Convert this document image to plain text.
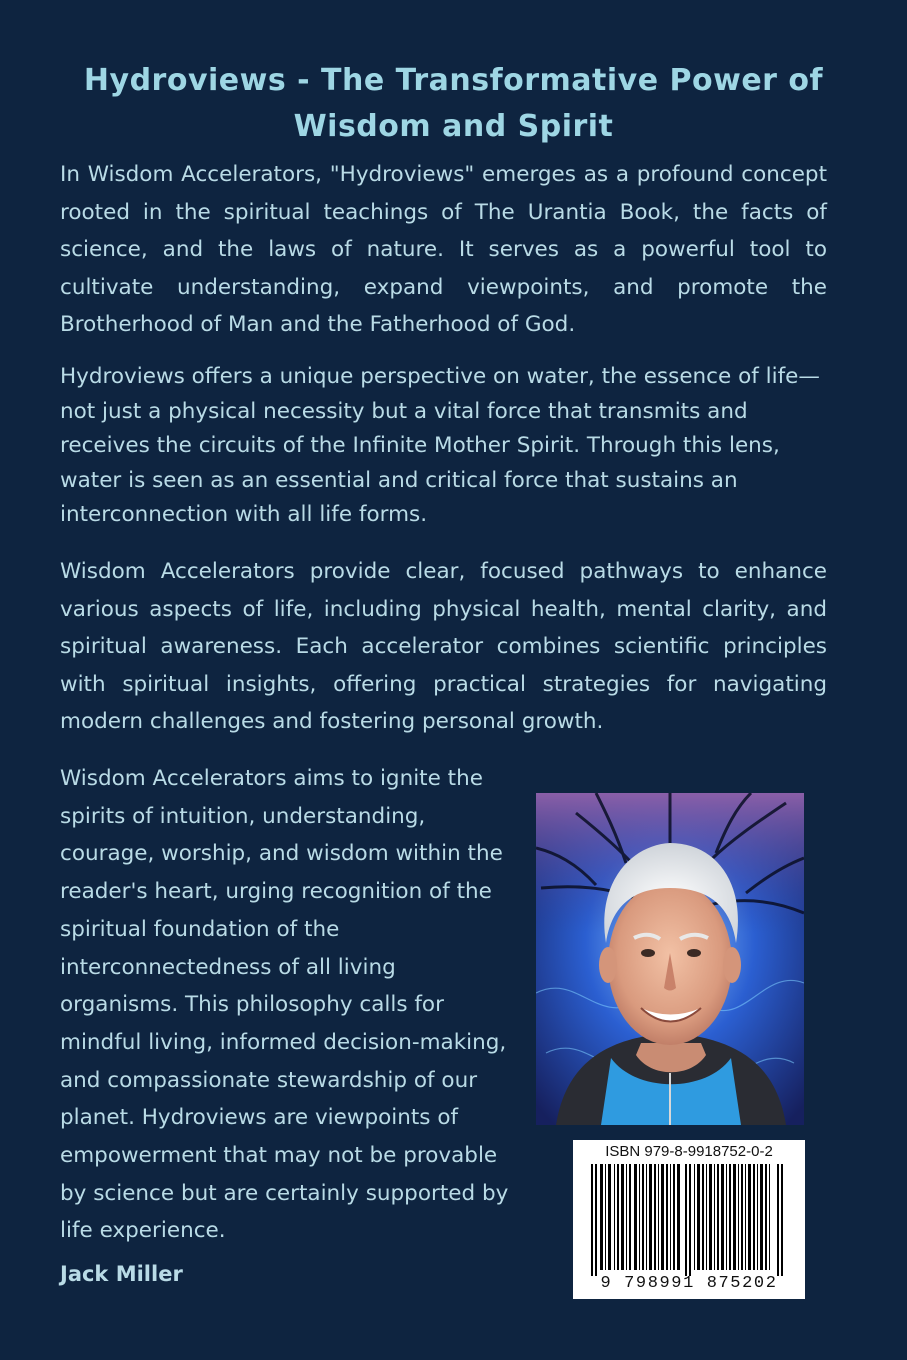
Hydroviews - The Transformative Power of Wisdom and Spirit

In Wisdom Accelerators, "Hydroviews" emerges as a profound concept rooted in the spiritual teachings of The Urantia Book, the facts of science, and the laws of nature. It serves as a powerful tool to cultivate understanding, expand viewpoints, and promote the Brotherhood of Man and the Fatherhood of God.

Hydroviews offers a unique perspective on water, the essence of life—not just a physical necessity but a vital force that transmits and receives the circuits of the Infinite Mother Spirit. Through this lens, water is seen as an essential and critical force that sustains an interconnection with all life forms.

Wisdom Accelerators provide clear, focused pathways to enhance various aspects of life, including physical health, mental clarity, and spiritual awareness. Each accelerator combines scientific principles with spiritual insights, offering practical strategies for navigating modern challenges and fostering personal growth.

Wisdom Accelerators aims to ignite the spirits of intuition, understanding, courage, worship, and wisdom within the reader's heart, urging recognition of the spiritual foundation of the interconnectedness of all living organisms. This philosophy calls for mindful living, informed decision-making, and compassionate stewardship of our planet. Hydroviews are viewpoints of empowerment that may not be provable by science but are certainly supported by life experience.

Jack Miller
ISBN 979-8-9918752-0-2
9 798991 875202
